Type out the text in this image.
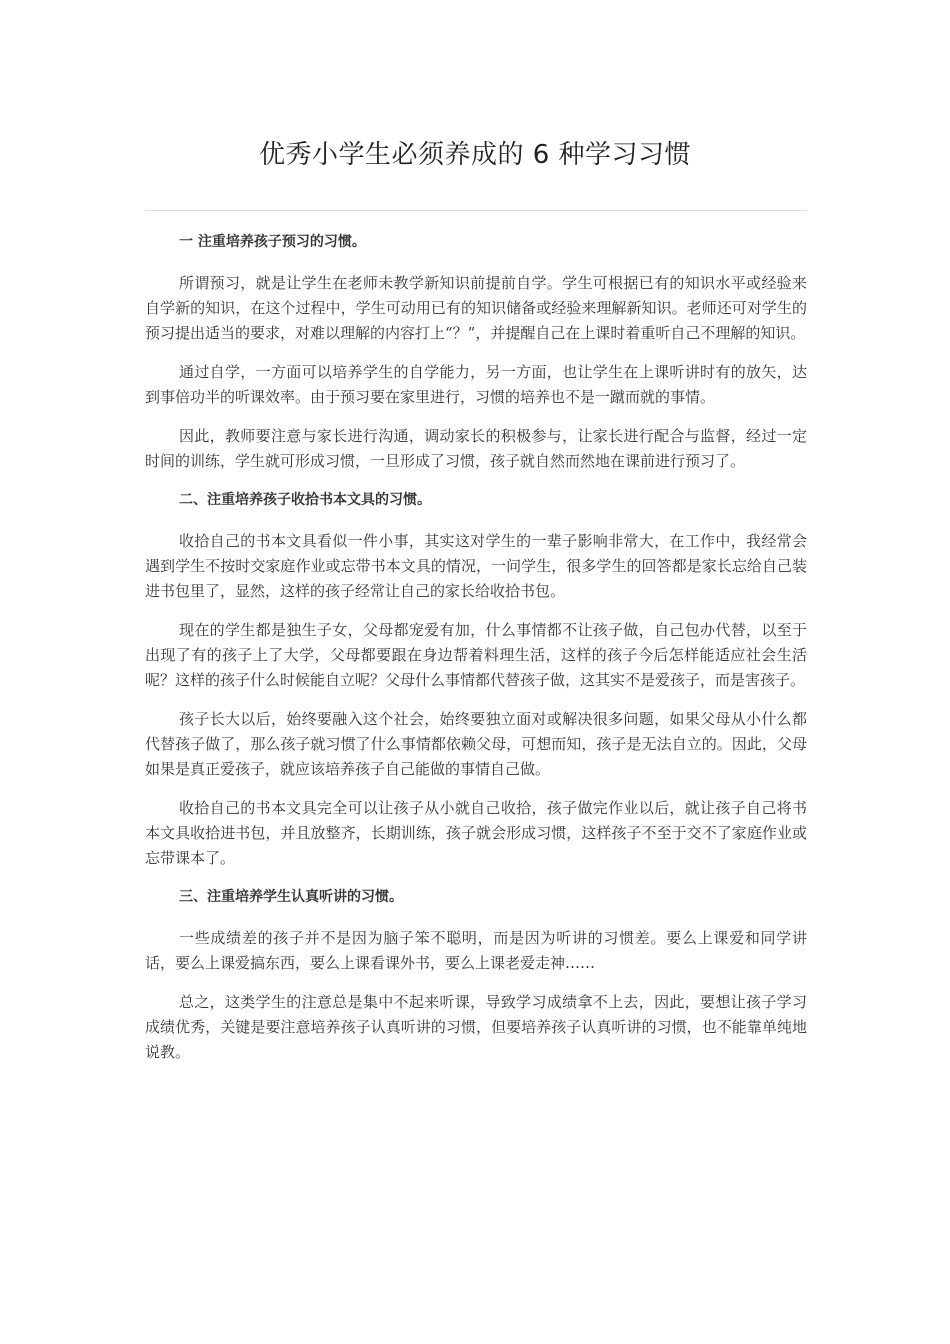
优秀小学生必须养成的 6 种学习习惯
一 注重培养孩子预习的习惯。

所谓预习，就是让学生在老师未教学新知识前提前自学。学生可根据已有的知识水平或经验来自学新的知识，在这个过程中，学生可动用已有的知识储备或经验来理解新知识。老师还可对学生的预习提出适当的要求，对难以理解的内容打上“？”，并提醒自己在上课时着重听自己不理解的知识。

通过自学，一方面可以培养学生的自学能力，另一方面，也让学生在上课听讲时有的放矢，达到事倍功半的听课效率。由于预习要在家里进行，习惯的培养也不是一蹴而就的事情。

因此，教师要注意与家长进行沟通，调动家长的积极参与，让家长进行配合与监督，经过一定时间的训练，学生就可形成习惯，一旦形成了习惯，孩子就自然而然地在课前进行预习了。

二、注重培养孩子收拾书本文具的习惯。

收拾自己的书本文具看似一件小事，其实这对学生的一辈子影响非常大，在工作中，我经常会遇到学生不按时交家庭作业或忘带书本文具的情况，一问学生，很多学生的回答都是家长忘给自己装进书包里了，显然，这样的孩子经常让自己的家长给收拾书包。

现在的学生都是独生子女，父母都宠爱有加，什么事情都不让孩子做，自己包办代替，以至于出现了有的孩子上了大学，父母都要跟在身边帮着料理生活，这样的孩子今后怎样能适应社会生活呢？这样的孩子什么时候能自立呢？父母什么事情都代替孩子做，这其实不是爱孩子，而是害孩子。

孩子长大以后，始终要融入这个社会，始终要独立面对或解决很多问题，如果父母从小什么都代替孩子做了，那么孩子就习惯了什么事情都依赖父母，可想而知，孩子是无法自立的。因此，父母如果是真正爱孩子，就应该培养孩子自己能做的事情自己做。

收拾自己的书本文具完全可以让孩子从小就自己收拾，孩子做完作业以后，就让孩子自己将书本文具收拾进书包，并且放整齐，长期训练，孩子就会形成习惯，这样孩子不至于交不了家庭作业或忘带课本了。

三、注重培养学生认真听讲的习惯。

一些成绩差的孩子并不是因为脑子笨不聪明，而是因为听讲的习惯差。要么上课爱和同学讲话，要么上课爱搞东西，要么上课看课外书，要么上课老爱走神……

总之，这类学生的注意总是集中不起来听课，导致学习成绩拿不上去，因此，要想让孩子学习成绩优秀，关键是要注意培养孩子认真听讲的习惯，但要培养孩子认真听讲的习惯，也不能靠单纯地说教。
